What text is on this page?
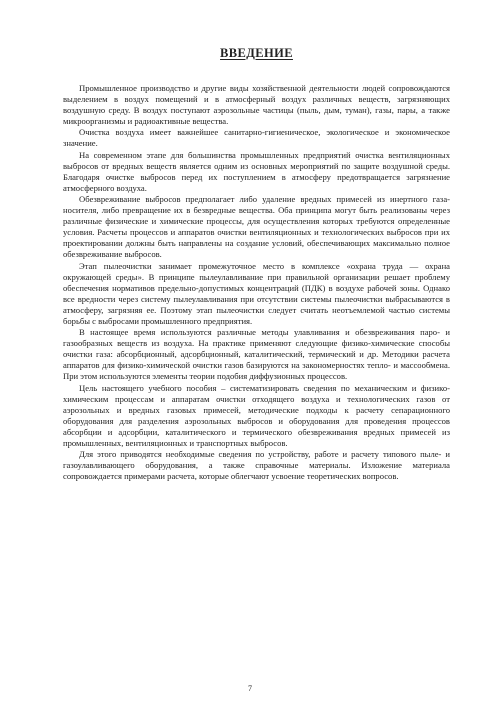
ВВЕДЕНИЕ

Промышленное производство и другие виды хозяйственной деятельности людей сопровождаются выделением в воздух помещений и в атмосферный воздух различных веществ, загрязняющих воздушную среду. В воздух поступают аэрозольные частицы (пыль, дым, туман), газы, пары, а также микроорганизмы и радиоактивные вещества.

Очистка воздуха имеет важнейшее санитарно-гигиеническое, экологическое и экономическое значение.

На современном этапе для большинства промышленных предприятий очистка вентиляционных выбросов от вредных веществ является одним из основных мероприятий по защите воздушной среды. Благодаря очистке выбросов перед их поступлением в атмосферу предотвращается загрязнение атмосферного воздуха.

Обезвреживание выбросов предполагает либо удаление вредных примесей из инертного газа-носителя, либо превращение их в безвредные вещества. Оба принципа могут быть реализованы через различные физические и химические процессы, для осуществления которых требуются определенные условия. Расчеты процессов и аппаратов очистки вентиляционных и технологических выбросов при их проектировании должны быть направлены на создание условий, обеспечивающих максимально полное обезвреживание выбросов.

Этап пылеочистки занимает промежуточное место в комплексе «охрана труда — охрана окружающей среды». В принципе пылеулавливание при правильной организации решает проблему обеспечения нормативов предельно-допустимых концентраций (ПДК) в воздухе рабочей зоны. Однако все вредности через систему пылеулавливания при отсутствии системы пылеочистки выбрасываются в атмосферу, загрязняя ее. Поэтому этап пылеочистки следует считать неотъемлемой частью системы борьбы с выбросами промышленного предприятия.

В настоящее время используются различные методы улавливания и обезвреживания паро- и газообразных веществ из воздуха. На практике применяют следующие физико-химические способы очистки газа: абсорбционный, адсорбционный, каталитический, термический и др. Методики расчета аппаратов для физико-химической очистки газов базируются на закономерностях тепло- и массообмена. При этом используются элементы теории подобия диффузионных процессов.

Цель настоящего учебного пособия – систематизировать сведения по механическим и физико-химическим процессам и аппаратам очистки отходящего воздуха и технологических газов от аэрозольных и вредных газовых примесей, методические подходы к расчету сепарационного оборудования для разделения аэрозольных выбросов и оборудования для проведения процессов абсорбции и адсорбции, каталитического и термического обезвреживания вредных примесей из промышленных, вентиляционных и транспортных выбросов.

Для этого приводятся необходимые сведения по устройству, работе и расчету типового пыле- и газоулавливающего оборудования, а также справочные материалы. Изложение материала сопровождается примерами расчета, которые облегчают усвоение теоретических вопросов.

7
